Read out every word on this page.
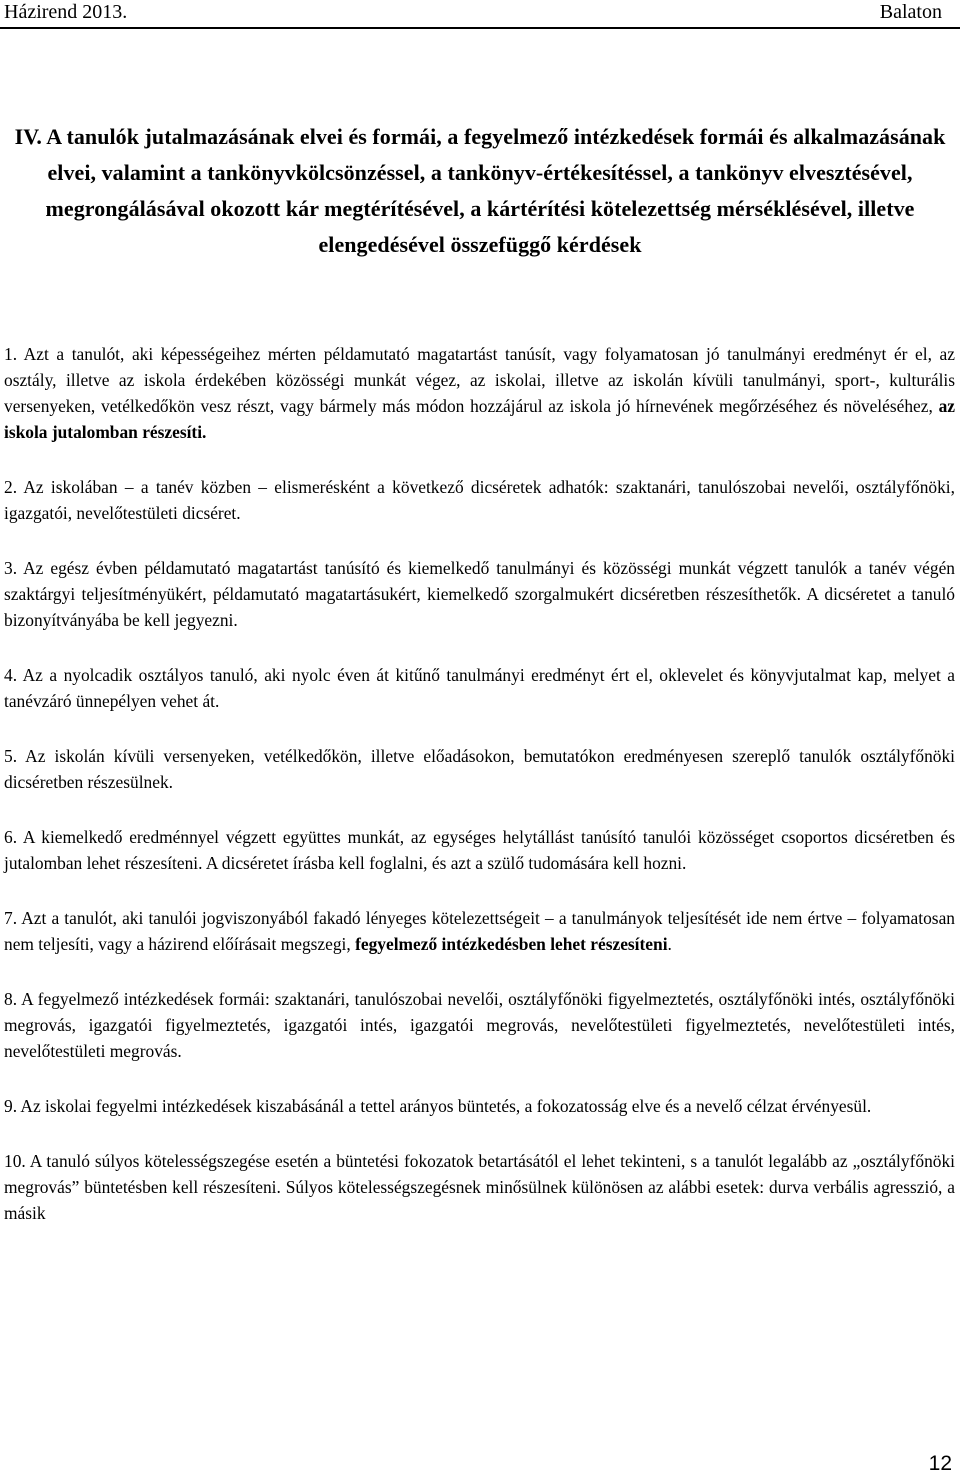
Házirend 2013.	Balaton
IV. A tanulók jutalmazásának elvei és formái, a fegyelmező intézkedések formái és alkalmazásának elvei, valamint a tankönyvkölcsönzéssel, a tankönyv-értékesítéssel, a tankönyv elvesztésével, megrongálásával okozott kár megtérítésével, a kártérítési kötelezettség mérséklésével, illetve elengedésével összefüggő kérdések

1. Azt a tanulót, aki képességeihez mérten példamutató magatartást tanúsít, vagy folyamatosan jó tanulmányi eredményt ér el, az osztály, illetve az iskola érdekében közösségi munkát végez, az iskolai, illetve az iskolán kívüli tanulmányi, sport-, kulturális versenyeken, vetélkedőkön vesz részt, vagy bármely más módon hozzájárul az iskola jó hírnevének megőrzéséhez és növeléséhez, az iskola jutalomban részesíti.

2. Az iskolában – a tanév közben – elismerésként a következő dicséretek adhatók: szaktanári, tanulószobai nevelői, osztályfőnöki, igazgatói, nevelőtestületi dicséret.

3. Az egész évben példamutató magatartást tanúsító és kiemelkedő tanulmányi és közösségi munkát végzett tanulók a tanév végén szaktárgyi teljesítményükért, példamutató magatartásukért, kiemelkedő szorgalmukért dicséretben részesíthetők. A dicséretet a tanuló bizonyítványába be kell jegyezni.

4. Az a nyolcadik osztályos tanuló, aki nyolc éven át kitűnő tanulmányi eredményt ért el, oklevelet és könyvjutalmat kap, melyet a tanévzáró ünnepélyen vehet át.

5. Az iskolán kívüli versenyeken, vetélkedőkön, illetve előadásokon, bemutatókon eredményesen szereplő tanulók osztályfőnöki dicséretben részesülnek.

6. A kiemelkedő eredménnyel végzett együttes munkát, az egységes helytállást tanúsító tanulói közösséget csoportos dicséretben és jutalomban lehet részesíteni. A dicséretet írásba kell foglalni, és azt a szülő tudomására kell hozni.

7. Azt a tanulót, aki tanulói jogviszonyából fakadó lényeges kötelezettségeit – a tanulmányok teljesítését ide nem értve – folyamatosan nem teljesíti, vagy a házirend előírásait megszegi, fegyelmező intézkedésben lehet részesíteni.

8. A fegyelmező intézkedések formái: szaktanári, tanulószobai nevelői, osztályfőnöki figyelmeztetés, osztályfőnöki intés, osztályfőnöki megrovás, igazgatói figyelmeztetés, igazgatói intés, igazgatói megrovás, nevelőtestületi figyelmeztetés, nevelőtestületi intés, nevelőtestületi megrovás.

9. Az iskolai fegyelmi intézkedések kiszabásánál a tettel arányos büntetés, a fokozatosság elve és a nevelő célzat érvényesül.

10. A tanuló súlyos kötelességszegése esetén a büntetési fokozatok betartásától el lehet tekinteni, s a tanulót legalább az „osztályfőnöki megrovás” büntetésben kell részesíteni. Súlyos kötelességszegésnek minősülnek különösen az alábbi esetek: durva verbális agresszió, a másik

12
